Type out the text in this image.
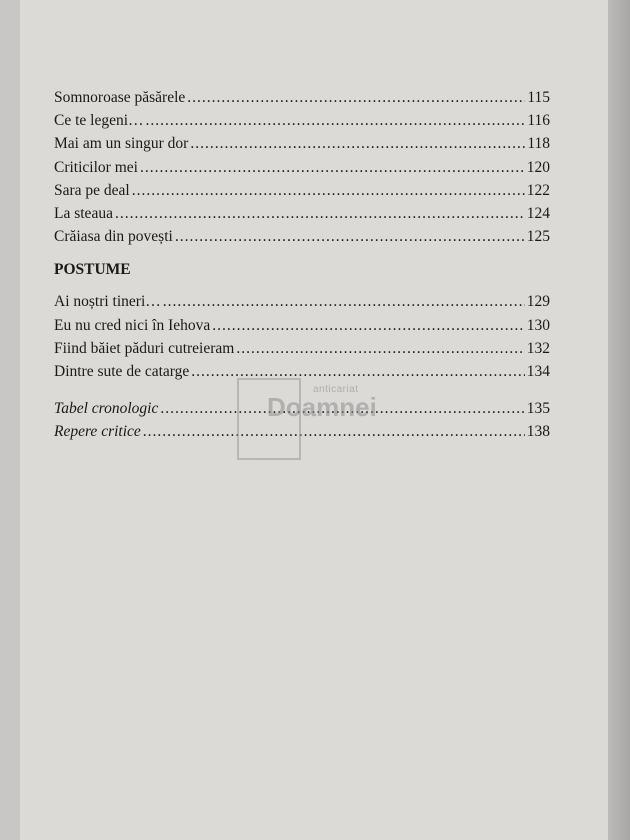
Somnoroase păsărele .....	115
Ce te legeni… .....	116
Mai am un singur dor .....	118
Criticilor mei .....	120
Sara pe deal .....	122
La steaua .....	124
Crăiasa din povești .....	125
POSTUME
Ai noștri tineri… .....	129
Eu nu cred nici în Iehova .....	130
Fiind băiet păduri cutreieram .....	132
Dintre sute de catarge .....	134
Tabel cronologic .....	135
Repere critice .....	138
anticariat
Doamnei
